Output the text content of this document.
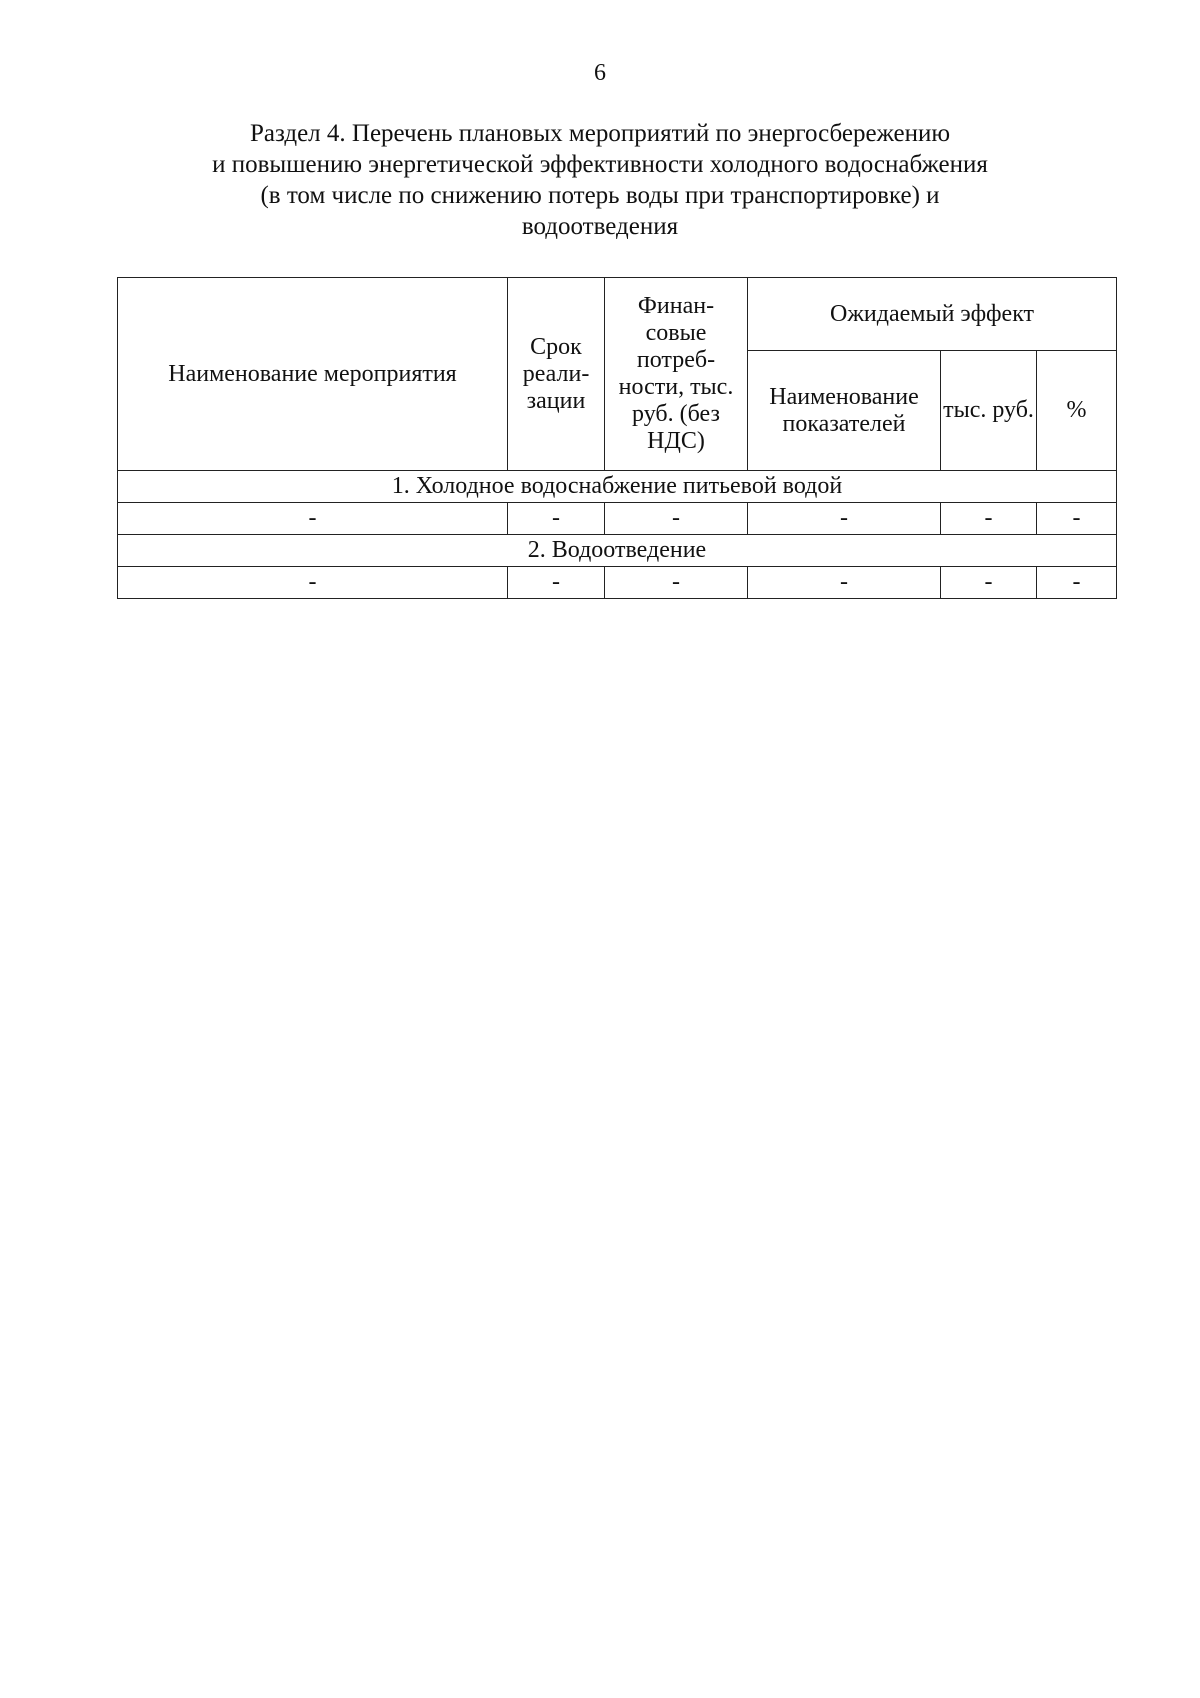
6
Раздел 4. Перечень плановых мероприятий по энергосбережению
и повышению энергетической эффективности холодного водоснабжения
(в том числе по снижению потерь воды при транспортировке) и
водоотведения
Наименование мероприятия	Срок реали- зации	Финан- совые потреб- ности, тыс. руб. (без НДС)	Ожидаемый эффект		
			Наименование показателей	тыс. руб.	%
1. Холодное водоснабжение питьевой водой					
-	-	-	-	-	-
2. Водоотведение					
-	-	-	-	-	-
